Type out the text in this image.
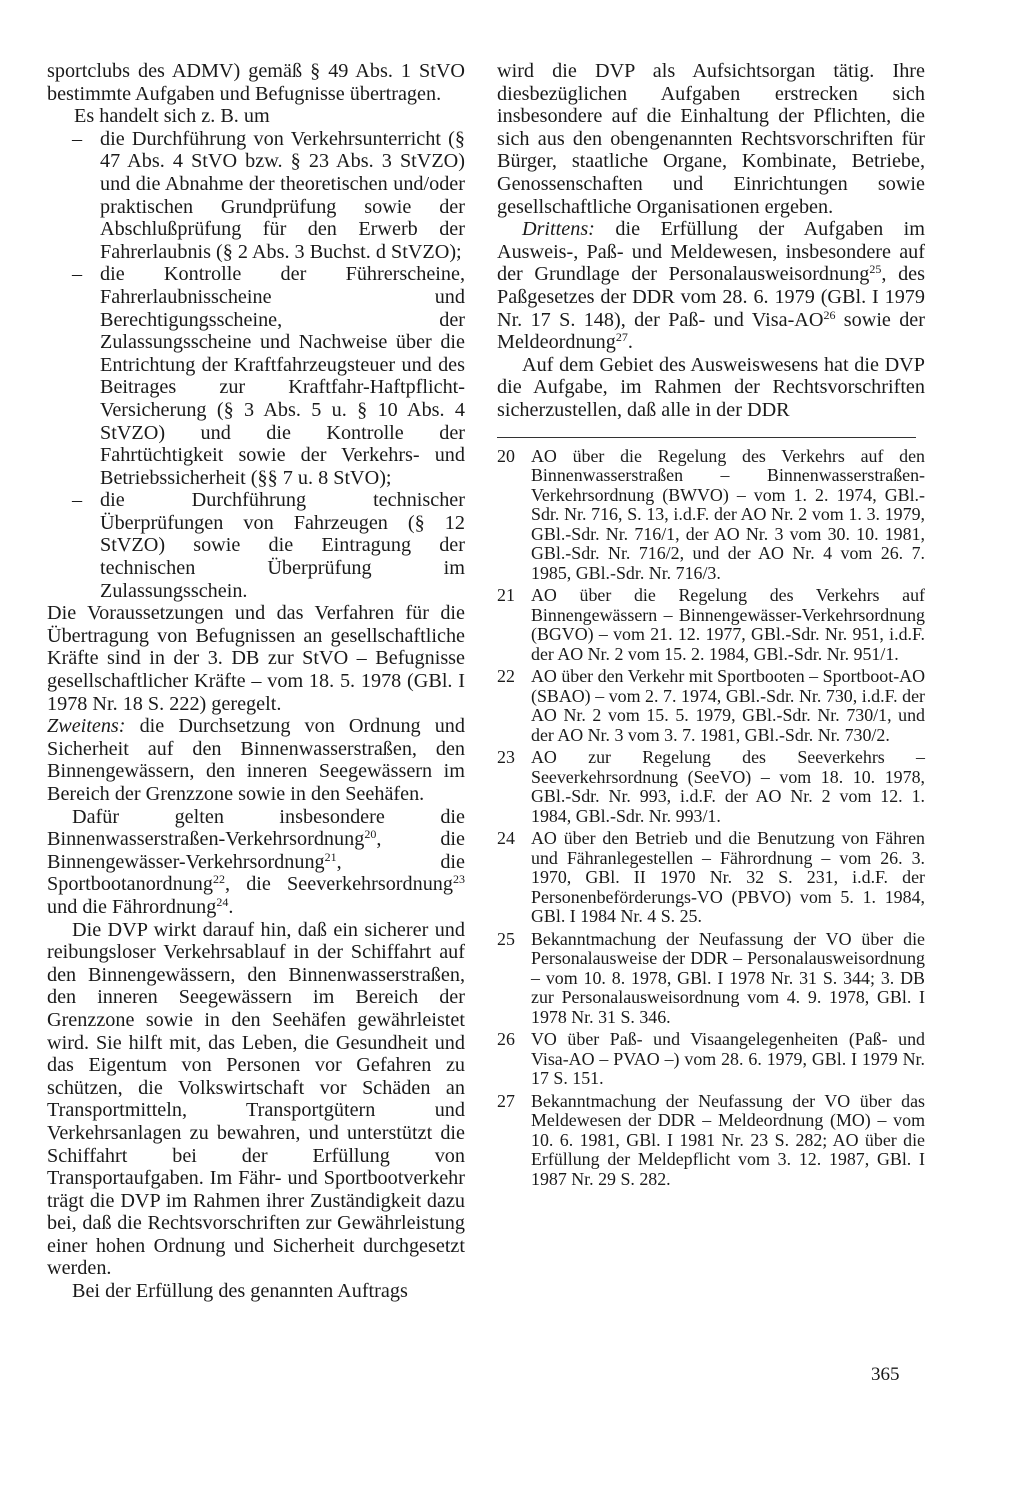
sportclubs des ADMV) gemäß § 49 Abs. 1 StVO bestimmte Aufgaben und Befugnisse übertragen.

Es handelt sich z. B. um

– die Durchführung von Verkehrsunterricht (§ 47 Abs. 4 StVO bzw. § 23 Abs. 3 StVZO) und die Abnahme der theoretischen und/oder praktischen Grundprüfung sowie der Abschlußprüfung für den Erwerb der Fahrerlaubnis (§ 2 Abs. 3 Buchst. d StVZO);
– die Kontrolle der Führerscheine, Fahrerlaubnisscheine und Berechtigungsscheine, der Zulassungsscheine und Nachweise über die Entrichtung der Kraftfahrzeugsteuer und des Beitrages zur Kraftfahr-Haftpflicht-Versicherung (§ 3 Abs. 5 u. § 10 Abs. 4 StVZO) und die Kontrolle der Fahrtüchtigkeit sowie der Verkehrs- und Betriebssicherheit (§§ 7 u. 8 StVO);
– die Durchführung technischer Überprüfungen von Fahrzeugen (§ 12 StVZO) sowie die Eintragung der technischen Überprüfung im Zulassungsschein.

Die Voraussetzungen und das Verfahren für die Übertragung von Befugnissen an gesellschaftliche Kräfte sind in der 3. DB zur StVO – Befugnisse gesellschaftlicher Kräfte – vom 18. 5. 1978 (GBl. I 1978 Nr. 18 S. 222) geregelt.

Zweitens: die Durchsetzung von Ordnung und Sicherheit auf den Binnenwasserstraßen, den Binnengewässern, den inneren Seegewässern im Bereich der Grenzzone sowie in den Seehäfen.

Dafür gelten insbesondere die Binnenwasserstraßen-Verkehrsordnung$^{20}$, die Binnengewässer-Verkehrsordnung$^{21}$, die Sportbootanordnung$^{22}$, die Seeverkehrsordnung$^{23}$ und die Fährordnung$^{24}$.

Die DVP wirkt darauf hin, daß ein sicherer und reibungsloser Verkehrsablauf in der Schiffahrt auf den Binnengewässern, den Binnenwasserstraßen, den inneren Seegewässern im Bereich der Grenzzone sowie in den Seehäfen gewährleistet wird. Sie hilft mit, das Leben, die Gesundheit und das Eigentum von Personen vor Gefahren zu schützen, die Volkswirtschaft vor Schäden an Transportmitteln, Transportgütern und Verkehrsanlagen zu bewahren, und unterstützt die Schiffahrt bei der Erfüllung von Transportaufgaben. Im Fähr- und Sportbootverkehr trägt die DVP im Rahmen ihrer Zuständigkeit dazu bei, daß die Rechtsvorschriften zur Gewährleistung einer hohen Ordnung und Sicherheit durchgesetzt werden.

Bei der Erfüllung des genannten Auftrags

wird die DVP als Aufsichtsorgan tätig. Ihre diesbezüglichen Aufgaben erstrecken sich insbesondere auf die Einhaltung der Pflichten, die sich aus den obengenannten Rechtsvorschriften für Bürger, staatliche Organe, Kombinate, Betriebe, Genossenschaften und Einrichtungen sowie gesellschaftliche Organisationen ergeben.

Drittens: die Erfüllung der Aufgaben im Ausweis-, Paß- und Meldewesen, insbesondere auf der Grundlage der Personalausweisordnung$^{25}$, des Paßgesetzes der DDR vom 28. 6. 1979 (GBl. I 1979 Nr. 17 S. 148), der Paß- und Visa-AO$^{26}$ sowie der Meldeordnung$^{27}$.

Auf dem Gebiet des Ausweiswesens hat die DVP die Aufgabe, im Rahmen der Rechtsvorschriften sicherzustellen, daß alle in der DDR

20 AO über die Regelung des Verkehrs auf den Binnenwasserstraßen – Binnenwasserstraßen-Verkehrsordnung (BWVO) – vom 1. 2. 1974, GBl.-Sdr. Nr. 716, S. 13, i.d.F. der AO Nr. 2 vom 1. 3. 1979, GBl.-Sdr. Nr. 716/1, der AO Nr. 3 vom 30. 10. 1981, GBl.-Sdr. Nr. 716/2, und der AO Nr. 4 vom 26. 7. 1985, GBl.-Sdr. Nr. 716/3.
21 AO über die Regelung des Verkehrs auf Binnengewässern – Binnengewässer-Verkehrsordnung (BGVO) – vom 21. 12. 1977, GBl.-Sdr. Nr. 951, i.d.F. der AO Nr. 2 vom 15. 2. 1984, GBl.-Sdr. Nr. 951/1.
22 AO über den Verkehr mit Sportbooten – Sportboot-AO (SBAO) – vom 2. 7. 1974, GBl.-Sdr. Nr. 730, i.d.F. der AO Nr. 2 vom 15. 5. 1979, GBl.-Sdr. Nr. 730/1, und der AO Nr. 3 vom 3. 7. 1981, GBl.-Sdr. Nr. 730/2.
23 AO zur Regelung des Seeverkehrs – Seeverkehrsordnung (SeeVO) – vom 18. 10. 1978, GBl.-Sdr. Nr. 993, i.d.F. der AO Nr. 2 vom 12. 1. 1984, GBl.-Sdr. Nr. 993/1.
24 AO über den Betrieb und die Benutzung von Fähren und Fähranlegestellen – Fährordnung – vom 26. 3. 1970, GBl. II 1970 Nr. 32 S. 231, i.d.F. der Personenbeförderungs-VO (PBVO) vom 5. 1. 1984, GBl. I 1984 Nr. 4 S. 25.
25 Bekanntmachung der Neufassung der VO über die Personalausweise der DDR – Personalausweisordnung – vom 10. 8. 1978, GBl. I 1978 Nr. 31 S. 344; 3. DB zur Personalausweisordnung vom 4. 9. 1978, GBl. I 1978 Nr. 31 S. 346.
26 VO über Paß- und Visaangelegenheiten (Paß- und Visa-AO – PVAO –) vom 28. 6. 1979, GBl. I 1979 Nr. 17 S. 151.
27 Bekanntmachung der Neufassung der VO über das Meldewesen der DDR – Meldeordnung (MO) – vom 10. 6. 1981, GBl. I 1981 Nr. 23 S. 282; AO über die Erfüllung der Meldepflicht vom 3. 12. 1987, GBl. I 1987 Nr. 29 S. 282.
365
